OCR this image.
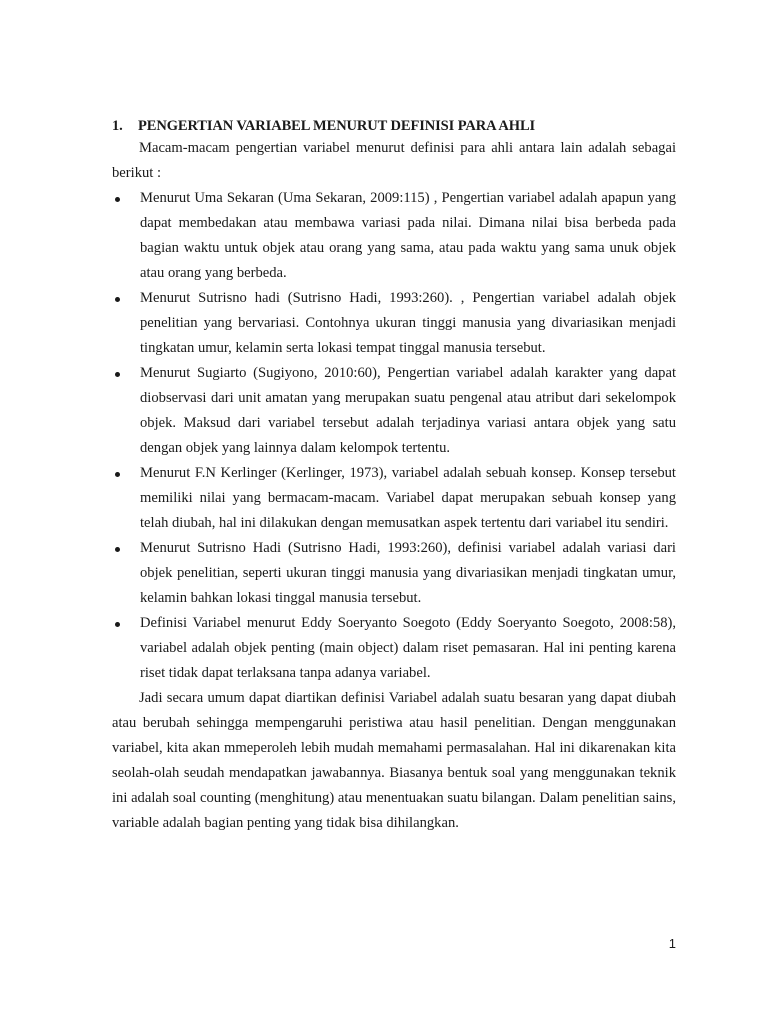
1.	PENGERTIAN VARIABEL MENURUT DEFINISI PARA AHLI

Macam-macam pengertian variabel menurut definisi para ahli antara lain adalah sebagai berikut :

Menurut Uma Sekaran (Uma Sekaran, 2009:115) , Pengertian variabel adalah apapun yang dapat membedakan atau membawa variasi pada nilai. Dimana nilai bisa berbeda pada bagian waktu untuk objek atau orang yang sama, atau pada waktu yang sama unuk objek atau orang yang berbeda.
Menurut Sutrisno hadi (Sutrisno Hadi, 1993:260). , Pengertian variabel adalah objek penelitian yang bervariasi. Contohnya ukuran tinggi manusia yang divariasikan menjadi tingkatan umur, kelamin serta lokasi tempat tinggal manusia tersebut.
Menurut Sugiarto (Sugiyono, 2010:60), Pengertian variabel adalah karakter yang dapat diobservasi dari unit amatan yang merupakan suatu pengenal atau atribut dari sekelompok objek. Maksud dari variabel tersebut adalah terjadinya variasi antara objek yang satu dengan objek yang lainnya dalam kelompok tertentu.
Menurut F.N Kerlinger (Kerlinger, 1973), variabel adalah sebuah konsep. Konsep tersebut memiliki nilai yang bermacam-macam. Variabel dapat merupakan sebuah konsep yang telah diubah, hal ini dilakukan dengan memusatkan aspek tertentu dari variabel itu sendiri.
Menurut Sutrisno Hadi (Sutrisno Hadi, 1993:260), definisi variabel adalah variasi dari objek penelitian, seperti ukuran tinggi manusia yang divariasikan menjadi tingkatan umur, kelamin bahkan lokasi tinggal manusia tersebut.
Definisi Variabel menurut Eddy Soeryanto Soegoto (Eddy Soeryanto Soegoto, 2008:58), variabel adalah objek penting (main object) dalam riset pemasaran. Hal ini penting karena riset tidak dapat terlaksana tanpa adanya variabel.

Jadi secara umum dapat diartikan definisi Variabel adalah suatu besaran yang dapat diubah atau berubah sehingga mempengaruhi peristiwa atau hasil penelitian. Dengan menggunakan variabel, kita akan mmeperoleh lebih mudah memahami permasalahan. Hal ini dikarenakan kita seolah-olah seudah mendapatkan jawabannya. Biasanya bentuk soal yang menggunakan teknik ini adalah soal counting (menghitung) atau menentuakan suatu bilangan. Dalam penelitian sains, variable adalah bagian penting yang tidak bisa dihilangkan.

1
